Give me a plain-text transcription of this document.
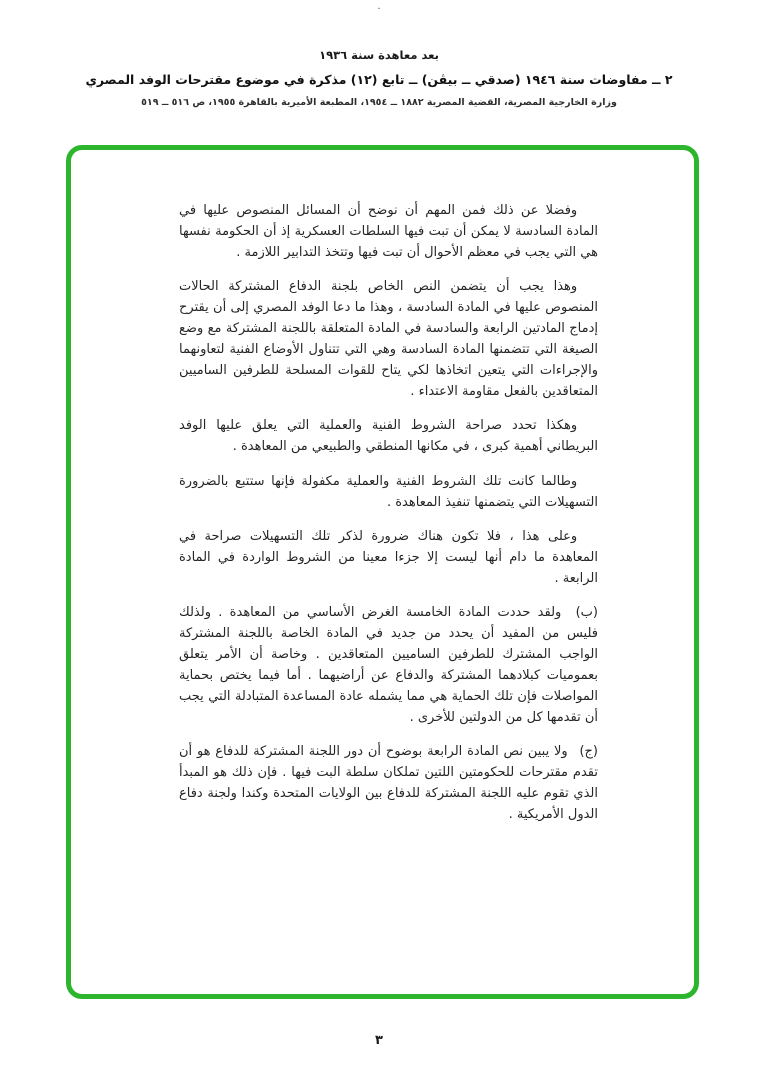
·
بعد معاهدة سنة ١٩٣٦
٢ ــ مفاوضات سنة ١٩٤٦ (صدقي ــ بيڤن) ــ تابع (١٢) مذكرة في موضوع مقترحات الوفد المصري
وزارة الخارجية المصرية، القضية المصرية ١٨٨٢ ــ ١٩٥٤، المطبعة الأميرية بالقاهرة ١٩٥٥، ص ٥١٦ ــ ٥١٩

وفضلا عن ذلك فمن المهم أن نوضح أن المسائل المنصوص عليها في المادة السادسة لا يمكن أن تبت فيها السلطات العسكرية إذ أن الحكومة نفسها هي التي يجب في معظم الأحوال أن تبت فيها وتتخذ التدابير اللازمة .

وهذا يجب أن يتضمن النص الخاص بلجنة الدفاع المشتركة الحالات المنصوص عليها في المادة السادسة ، وهذا ما دعا الوفد المصري إلى أن يقترح إدماج المادتين الرابعة والسادسة في المادة المتعلقة باللجنة المشتركة مع وضع الصيغة التي تتضمنها المادة السادسة وهي التي تتناول الأوضاع الفنية لتعاونهما والإجراءات التي يتعين اتخاذها لكي يتاح للقوات المسلحة للطرفين الساميين المتعاقدين بالفعل مقاومة الاعتداء .

وهكذا تحدد صراحة الشروط الفنية والعملية التي يعلق عليها الوفد البريطاني أهمية كبرى ، في مكانها المنطقي والطبيعي من المعاهدة .

وطالما كانت تلك الشروط الفنية والعملية مكفولة فإنها ستتبع بالضرورة التسهيلات التي يتضمنها تنفيذ المعاهدة .

وعلى هذا ، فلا تكون هناك ضرورة لذكر تلك التسهيلات صراحة في المعاهدة ما دام أنها ليست إلا جزءا معينا من الشروط الواردة في المادة الرابعة .

(ب) ولقد حددت المادة الخامسة الغرض الأساسي من المعاهدة . ولذلك فليس من المفيد أن يحدد من جديد في المادة الخاصة باللجنة المشتركة الواجب المشترك للطرفين الساميين المتعاقدين . وخاصة أن الأمر يتعلق بعموميات كبلادهما المشتركة والدفاع عن أراضيهما . أما فيما يختص بحماية المواصلات فإن تلك الحماية هي مما يشمله عادة المساعدة المتبادلة التي يجب أن تقدمها كل من الدولتين للأخرى .

(ج) ولا يبين نص المادة الرابعة بوضوح أن دور اللجنة المشتركة للدفاع هو أن تقدم مقترحات للحكومتين اللتين تملكان سلطة البت فيها . فإن ذلك هو المبدأ الذي تقوم عليه اللجنة المشتركة للدفاع بين الولايات المتحدة وكندا ولجنة دفاع الدول الأمريكية .

٣
